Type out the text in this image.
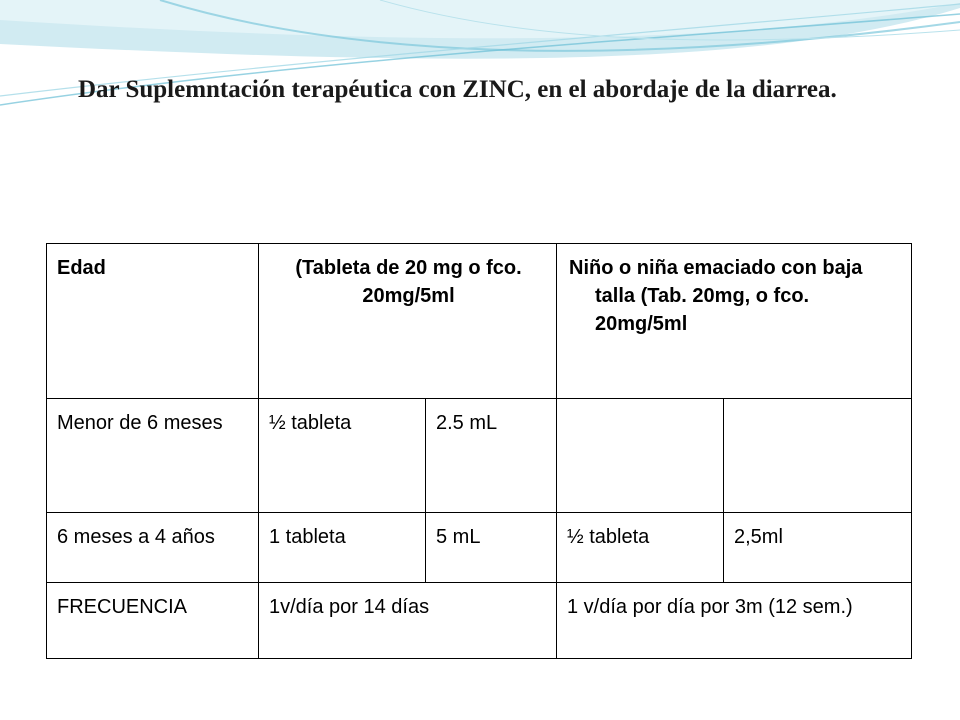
Dar Suplemntación terapéutica con ZINC, en el abordaje de la diarrea.
Edad	(Tableta de 20 mg o fco. 20mg/5ml		Niño o niña emaciado con baja talla (Tab. 20mg, o fco. 20mg/5ml	
Menor de 6 meses	½ tableta	2.5 mL		
6 meses a 4 años	1 tableta	5 mL	½ tableta	2,5ml
FRECUENCIA	1v/día por 14 días		1 v/día por día por 3m (12 sem.)	
